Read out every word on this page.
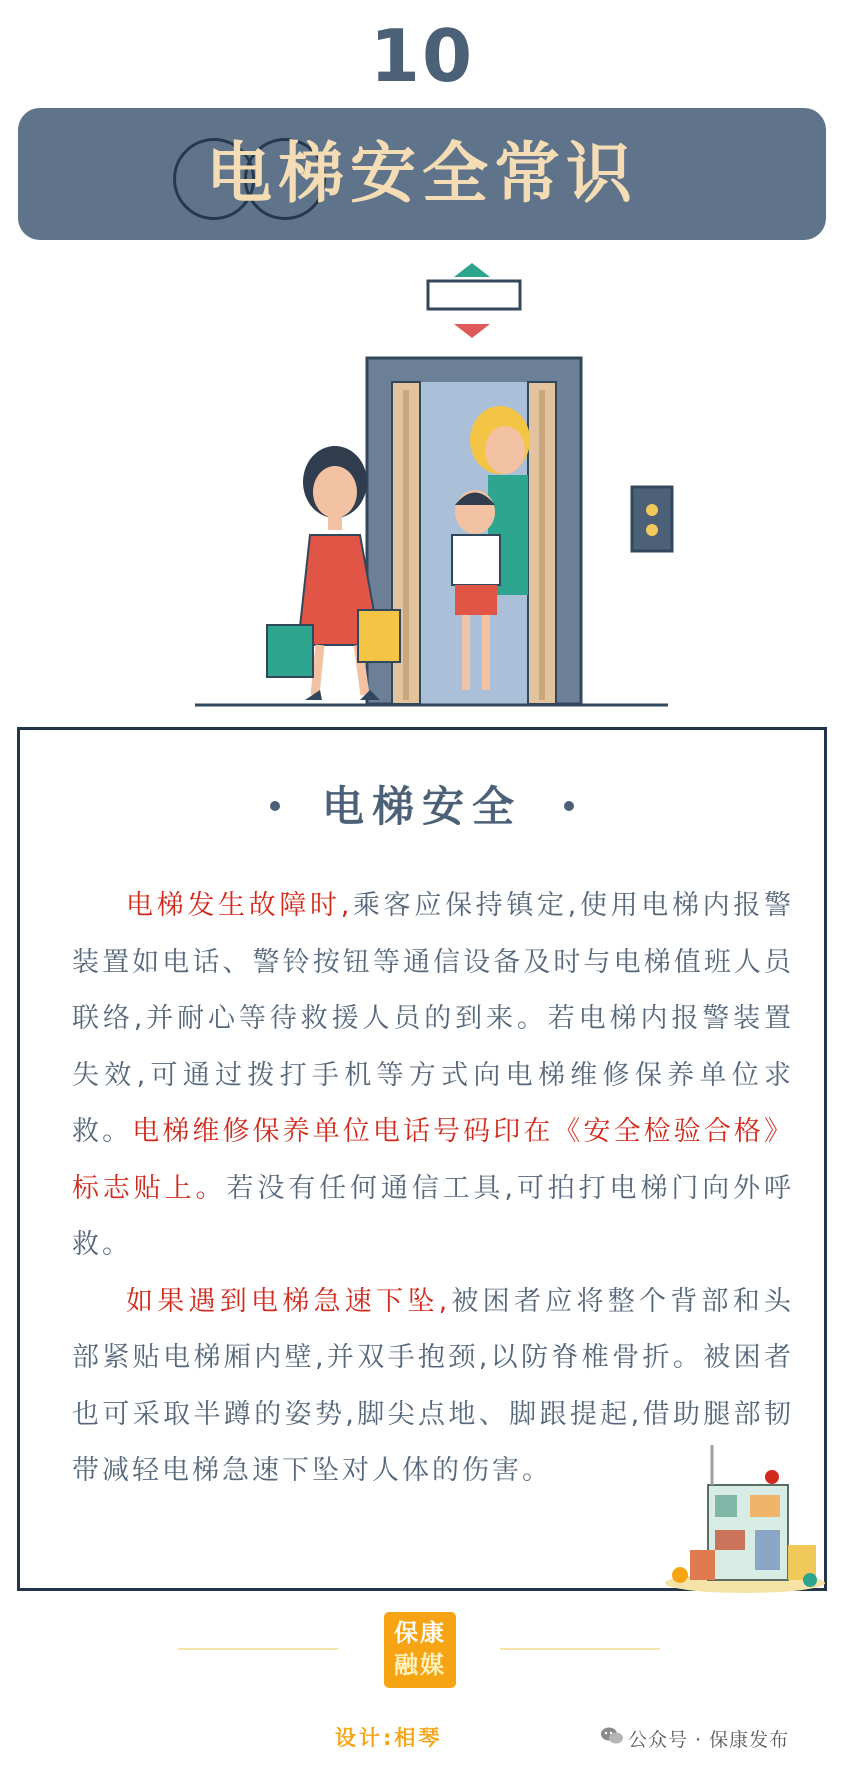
10
电梯安全常识
电梯安全

电梯发生故障时,乘客应保持镇定,使用电梯内报警装置如电话、警铃按钮等通信设备及时与电梯值班人员联络,并耐心等待救援人员的到来。若电梯内报警装置失效,可通过拨打手机等方式向电梯维修保养单位求救。电梯维修保养单位电话号码印在《安全检验合格》标志贴上。若没有任何通信工具,可拍打电梯门向外呼救。

如果遇到电梯急速下坠,被困者应将整个背部和头部紧贴电梯厢内壁,并双手抱颈,以防脊椎骨折。被困者也可采取半蹲的姿势,脚尖点地、脚跟提起,借助腿部韧带减轻电梯急速下坠对人体的伤害。

保康
融媒
设计:相琴	公众号 · 保康发布
